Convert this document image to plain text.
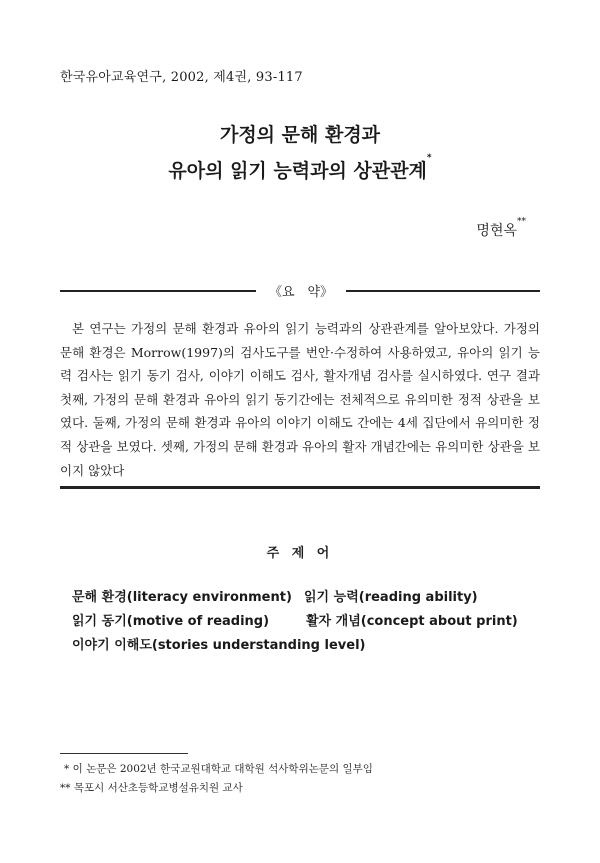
한국유아교육연구, 2002, 제4권, 93-117
가정의 문해 환경과
유아의 읽기 능력과의 상관관계*
명현옥**
《요　약》
본 연구는 가정의 문해 환경과 유아의 읽기 능력과의 상관관계를 알아보았다. 가정의 문해 환경은 Morrow(1997)의 검사도구를 번안·수정하여 사용하였고, 유아의 읽기 능력 검사는 읽기 동기 검사, 이야기 이해도 검사, 활자개념 검사를 실시하였다. 연구 결과 첫째, 가정의 문해 환경과 유아의 읽기 동기간에는 전체적으로 유의미한 정적 상관을 보였다. 둘째, 가정의 문해 환경과 유아의 이야기 이해도 간에는 4세 집단에서 유의미한 정적 상관을 보였다. 셋째, 가정의 문해 환경과 유아의 활자 개념간에는 유의미한 상관을 보이지 않았다
주 제 어
문해 환경(literacy environment) 읽기 능력(reading ability)
읽기 동기(motive of reading)	활자 개념(concept about print)
이야기 이해도(stories understanding level)
* 이 논문은 2002년 한국교원대학교 대학원 석사학위논문의 일부임
** 목포시 서산초등학교병설유치원 교사
